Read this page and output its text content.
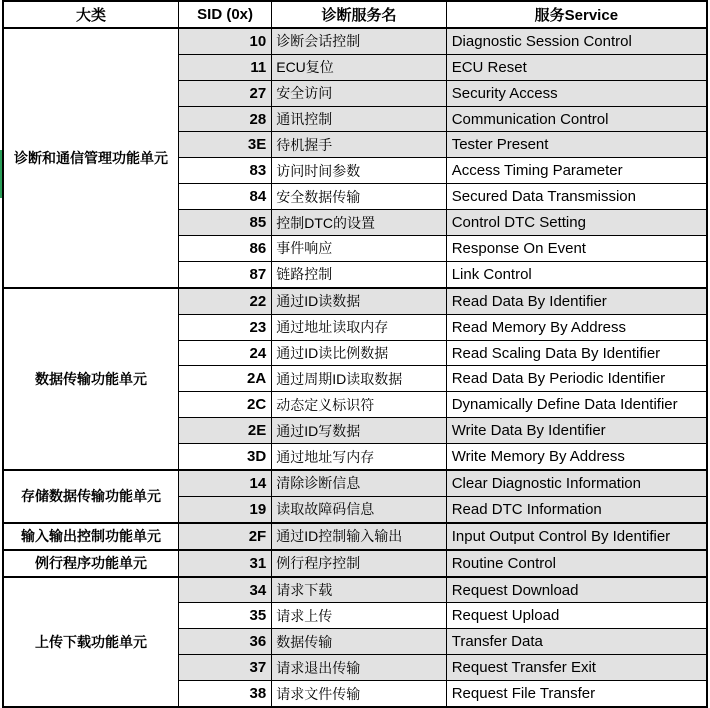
大类	SID (0x)	诊断服务名	服务Service
诊断和通信管理功能单元	10	诊断会话控制	Diagnostic Session Control
	11	ECU复位	ECU Reset
	27	安全访问	Security Access
	28	通讯控制	Communication Control
	3E	待机握手	Tester Present
	83	访问时间参数	Access Timing Parameter
	84	安全数据传输	Secured Data Transmission
	85	控制DTC的设置	Control DTC Setting
	86	事件响应	Response On Event
	87	链路控制	Link Control
数据传输功能单元	22	通过ID读数据	Read Data By Identifier
	23	通过地址读取内存	Read Memory By Address
	24	通过ID读比例数据	Read Scaling Data By Identifier
	2A	通过周期ID读取数据	Read Data By Periodic Identifier
	2C	动态定义标识符	Dynamically Define Data Identifier
	2E	通过ID写数据	Write Data By Identifier
	3D	通过地址写内存	Write Memory By Address
存储数据传输功能单元	14	清除诊断信息	Clear Diagnostic Information
	19	读取故障码信息	Read DTC Information
输入输出控制功能单元	2F	通过ID控制输入输出	Input Output Control By Identifier
例行程序功能单元	31	例行程序控制	Routine Control
上传下载功能单元	34	请求下载	Request Download
	35	请求上传	Request Upload
	36	数据传输	Transfer Data
	37	请求退出传输	Request Transfer Exit
	38	请求文件传输	Request File Transfer
